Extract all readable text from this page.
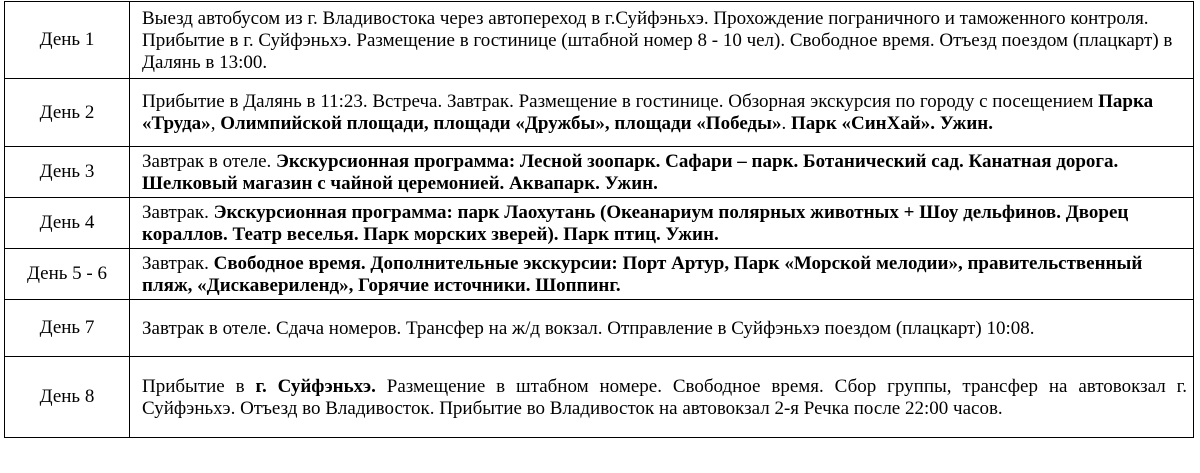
День 1	Выезд автобусом из г. Владивостока через автопереход в г.Суйфэньхэ. Прохождение пограничного и таможенного контроля. Прибытие в г. Суйфэньхэ. Размещение в гостинице (штабной номер 8 - 10 чел). Свободное время. Отъезд поездом (плацкарт) в Далянь в 13:00.
День 2	Прибытие в Далянь в 11:23. Встреча. Завтрак. Размещение в гостинице. Обзорная экскурсия по городу с посещением Парка «Труда», Олимпийской площади, площади «Дружбы», площади «Победы». Парк «СинХай». Ужин.
День 3	Завтрак в отеле. Экскурсионная программа: Лесной зоопарк. Сафари – парк. Ботанический сад. Канатная дорога. Шелковый магазин с чайной церемонией. Аквапарк. Ужин.
День 4	Завтрак. Экскурсионная программа: парк Лаохутань (Океанариум полярных животных + Шоу дельфинов. Дворец кораллов. Театр веселья. Парк морских зверей). Парк птиц. Ужин.
День 5 - 6	Завтрак. Свободное время. Дополнительные экскурсии: Порт Артур, Парк «Морской мелодии», правительственный пляж, «Дискавериленд», Горячие источники. Шоппинг.
День 7	Завтрак в отеле. Сдача номеров. Трансфер на ж/д вокзал. Отправление в Суйфэньхэ поездом (плацкарт) 10:08.
День 8	Прибытие в г. Суйфэньхэ. Размещение в штабном номере. Свободное время. Сбор группы, трансфер на автовокзал г. Суйфэньхэ. Отъезд во Владивосток. Прибытие во Владивосток на автовокзал 2-я Речка после 22:00 часов.
